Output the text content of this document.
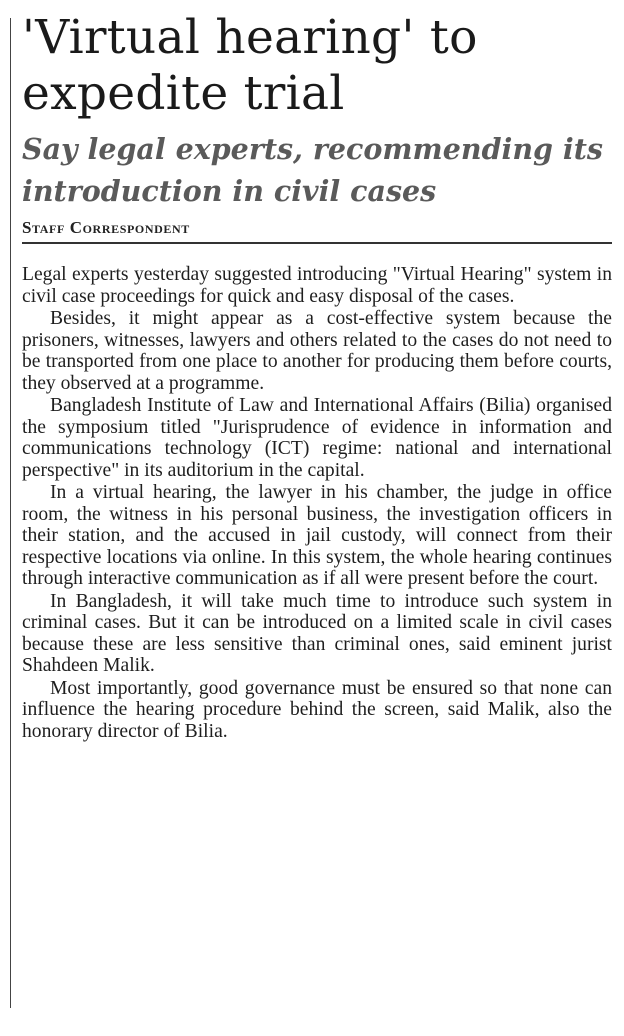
'Virtual hearing' to expedite trial
Say legal experts, recommending its introduction in civil cases
Staff Correspondent

Legal experts yesterday suggested introducing "Virtual Hearing" system in civil case proceedings for quick and easy disposal of the cases.

Besides, it might appear as a cost-effective system because the prisoners, witnesses, lawyers and others related to the cases do not need to be transported from one place to another for producing them before courts, they observed at a programme.

Bangladesh Institute of Law and International Affairs (Bilia) organised the symposium titled "Jurisprudence of evidence in information and communications technology (ICT) regime: national and international perspective" in its auditorium in the capital.

In a virtual hearing, the lawyer in his chamber, the judge in office room, the witness in his personal business, the investigation officers in their station, and the accused in jail custody, will connect from their respective locations via online. In this system, the whole hearing continues through interactive communication as if all were present before the court.

In Bangladesh, it will take much time to introduce such system in criminal cases. But it can be introduced on a limited scale in civil cases because these are less sensitive than criminal ones, said eminent jurist Shahdeen Malik.

Most importantly, good governance must be ensured so that none can influence the hearing procedure behind the screen, said Malik, also the honorary director of Bilia.
